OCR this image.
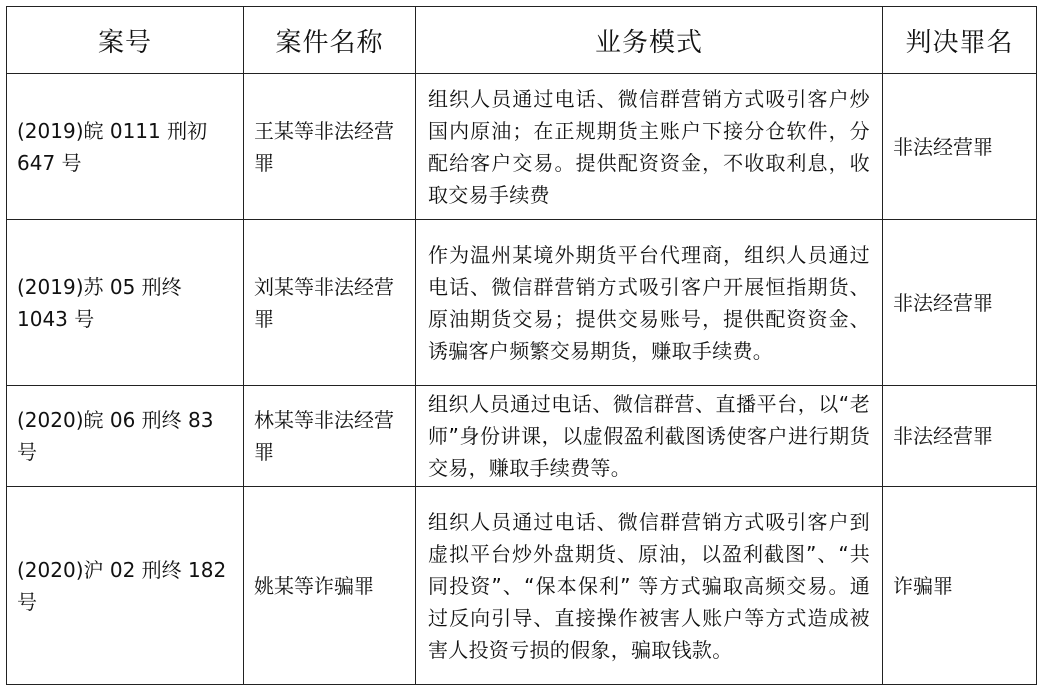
案号	案件名称	业务模式	判决罪名
(2019)皖 0111 刑初 647 号	王某等非法经营罪	组织人员通过电话、微信群营销方式吸引客户炒国内原油；在正规期货主账户下接分仓软件，分配给客户交易。提供配资资金，不收取利息，收取交易手续费	非法经营罪
(2019)苏 05 刑终 1043 号	刘某等非法经营罪	作为温州某境外期货平台代理商，组织人员通过电话、微信群营销方式吸引客户开展恒指期货、原油期货交易；提供交易账号，提供配资资金、诱骗客户频繁交易期货，赚取手续费。	非法经营罪
(2020)皖 06 刑终 83 号	林某等非法经营罪	组织人员通过电话、微信群营、直播平台，以“老师”身份讲课，以虚假盈利截图诱使客户进行期货交易，赚取手续费等。	非法经营罪
(2020)沪 02 刑终 182 号	姚某等诈骗罪	组织人员通过电话、微信群营销方式吸引客户到虚拟平台炒外盘期货、原油，以盈利截图”、“共同投资”、“保本保利” 等方式骗取高频交易。通过反向引导、直接操作被害人账户等方式造成被害人投资亏损的假象，骗取钱款。	诈骗罪
